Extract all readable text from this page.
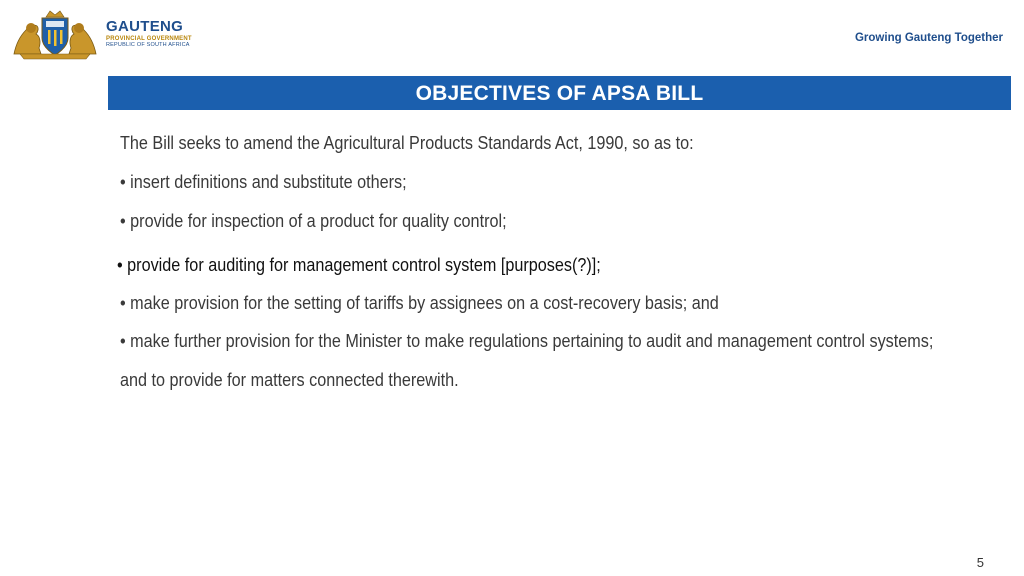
GAUTENG
PROVINCIAL GOVERNMENT
REPUBLIC OF SOUTH AFRICA
Growing Gauteng Together
OBJECTIVES OF APSA BILL
The Bill seeks to amend the Agricultural Products Standards Act, 1990, so as to:
• insert definitions and substitute others;
• provide for inspection of a product for quality control;
• provide for auditing for management control system [purposes(?)];
• make provision for the setting of tariffs by assignees on a cost-recovery basis; and
• make further provision for the Minister to make regulations pertaining to audit and management control systems;
and to provide for matters connected therewith.
5
